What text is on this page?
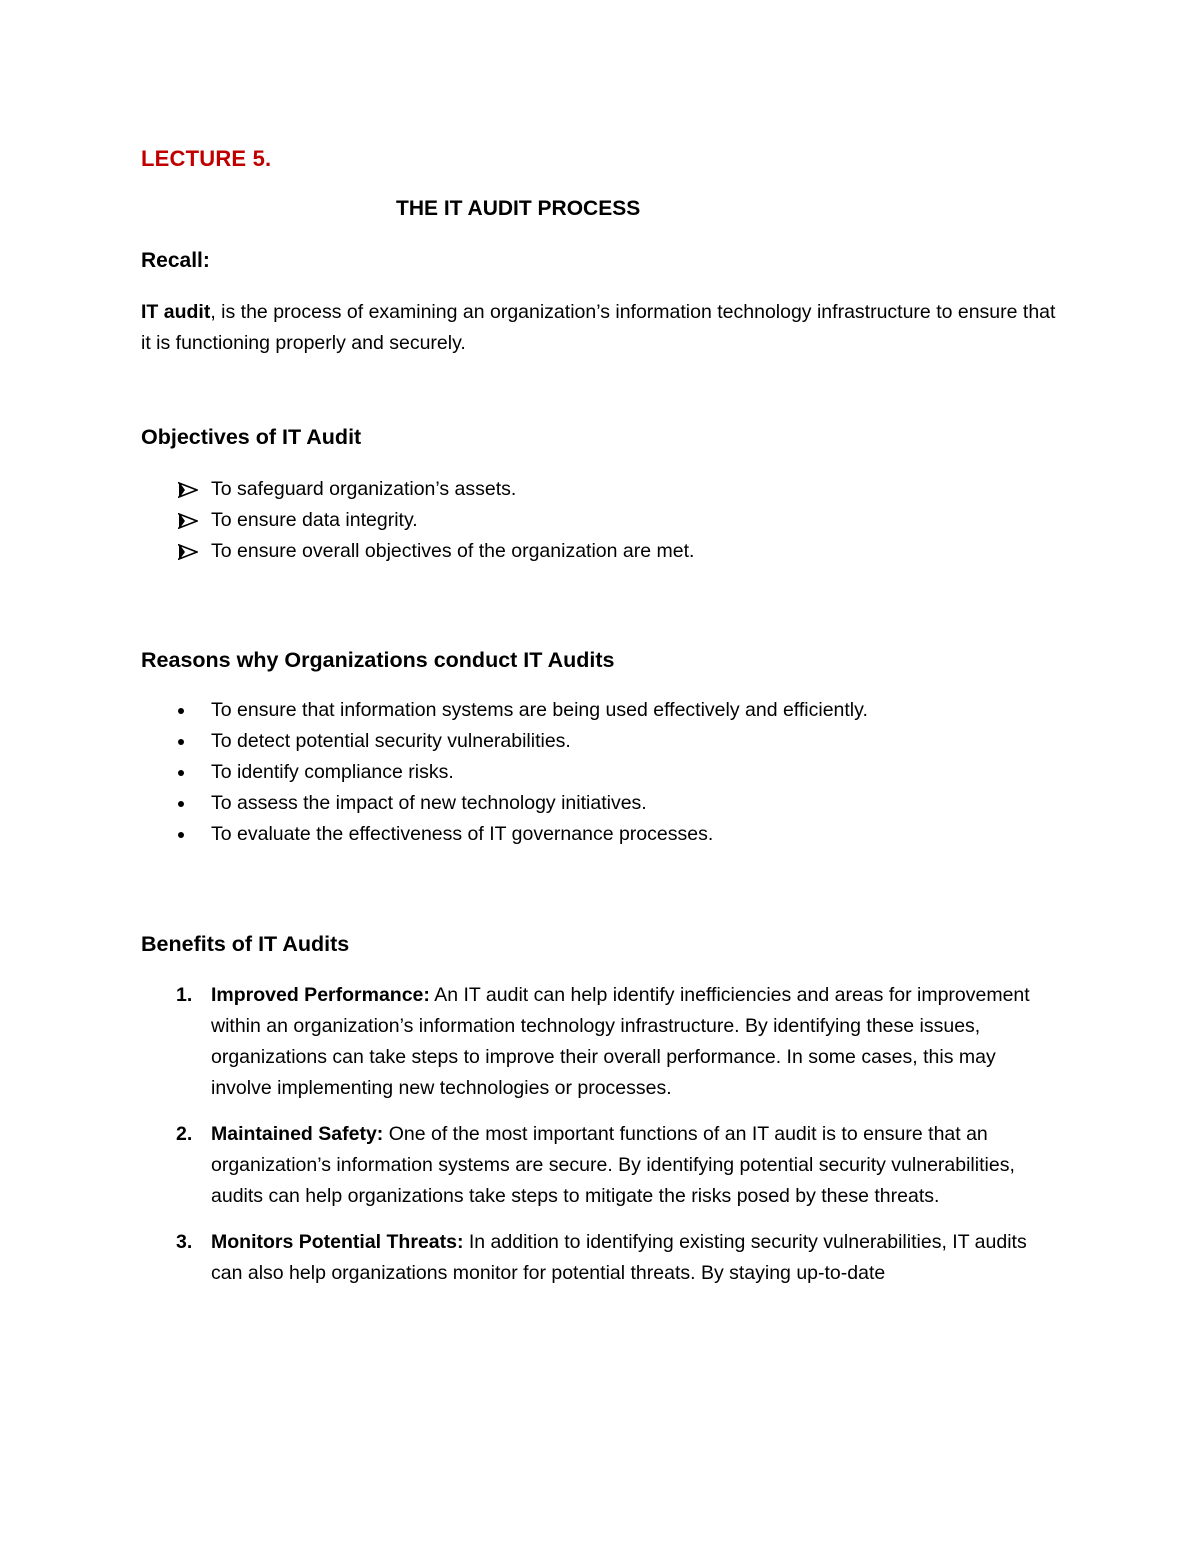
LECTURE 5.
THE IT AUDIT PROCESS
Recall:
IT audit, is the process of examining an organization’s information technology infrastructure to ensure that it is functioning properly and securely.
Objectives of IT Audit
To safeguard organization’s assets.
To ensure data integrity.
To ensure overall objectives of the organization are met.
Reasons why Organizations conduct IT Audits
To ensure that information systems are being used effectively and efficiently.
To detect potential security vulnerabilities.
To identify compliance risks.
To assess the impact of new technology initiatives.
To evaluate the effectiveness of IT governance processes.
Benefits of IT Audits
1. Improved Performance: An IT audit can help identify inefficiencies and areas for improvement within an organization’s information technology infrastructure. By identifying these issues, organizations can take steps to improve their overall performance. In some cases, this may involve implementing new technologies or processes.
2. Maintained Safety: One of the most important functions of an IT audit is to ensure that an organization’s information systems are secure. By identifying potential security vulnerabilities, audits can help organizations take steps to mitigate the risks posed by these threats.
3. Monitors Potential Threats: In addition to identifying existing security vulnerabilities, IT audits can also help organizations monitor for potential threats. By staying up-to-date
